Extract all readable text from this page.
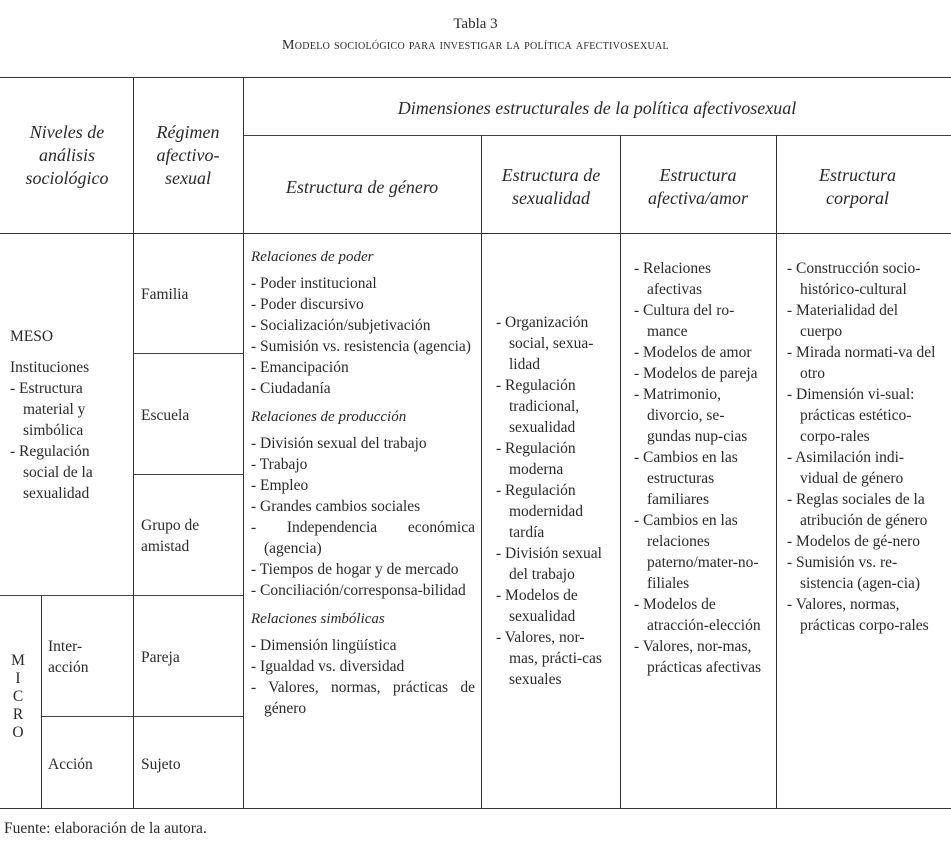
Tabla 3
Modelo sociológico para investigar la política afectivosexual
Niveles de análisis sociológico
Régimen afectivo-sexual
Dimensiones estructurales de la política afectivosexual
Estructura de género
Estructura de sexualidad
Estructura afectiva/amor
Estructura corporal
MESO
Instituciones
- Estructura material y simbólica
- Regulación social de la sexualidad
M
I
C
R
O
Inter-acción
Acción
Familia
Escuela
Grupo de amistad
Pareja
Sujeto
Relaciones de poder
- Poder institucional
- Poder discursivo
- Socialización/subjetivación
- Sumisión vs. resistencia (agencia)
- Emancipación
- Ciudadanía
Relaciones de producción
- División sexual del trabajo
- Trabajo
- Empleo
- Grandes cambios sociales
- Independencia económica (agencia)
- Tiempos de hogar y de mercado
- Conciliación/corresponsa-bilidad
Relaciones simbólicas
- Dimensión lingüística
- Igualdad vs. diversidad
- Valores, normas, prácticas de género
- Organización social, sexua-lidad
- Regulación tradicional, sexualidad
- Regulación moderna
- Regulación modernidad tardía
- División sexual del trabajo
- Modelos de sexualidad
- Valores, nor-mas, prácti-cas sexuales
- Relaciones afectivas
- Cultura del ro-mance
- Modelos de amor
- Modelos de pareja
- Matrimonio, divorcio, se-gundas nup-cias
- Cambios en las estructuras familiares
- Cambios en las relaciones paterno/mater-no-filiales
- Modelos de atracción-elección
- Valores, nor-mas, prácticas afectivas
- Construcción socio-histórico-cultural
- Materialidad del cuerpo
- Mirada normati-va del otro
- Dimensión vi-sual: prácticas estético-corpo-rales
- Asimilación indi-vidual de género
- Reglas sociales de la atribución de género
- Modelos de gé-nero
- Sumisión vs. re-sistencia (agen-cia)
- Valores, normas, prácticas corpo-rales
Fuente: elaboración de la autora.
